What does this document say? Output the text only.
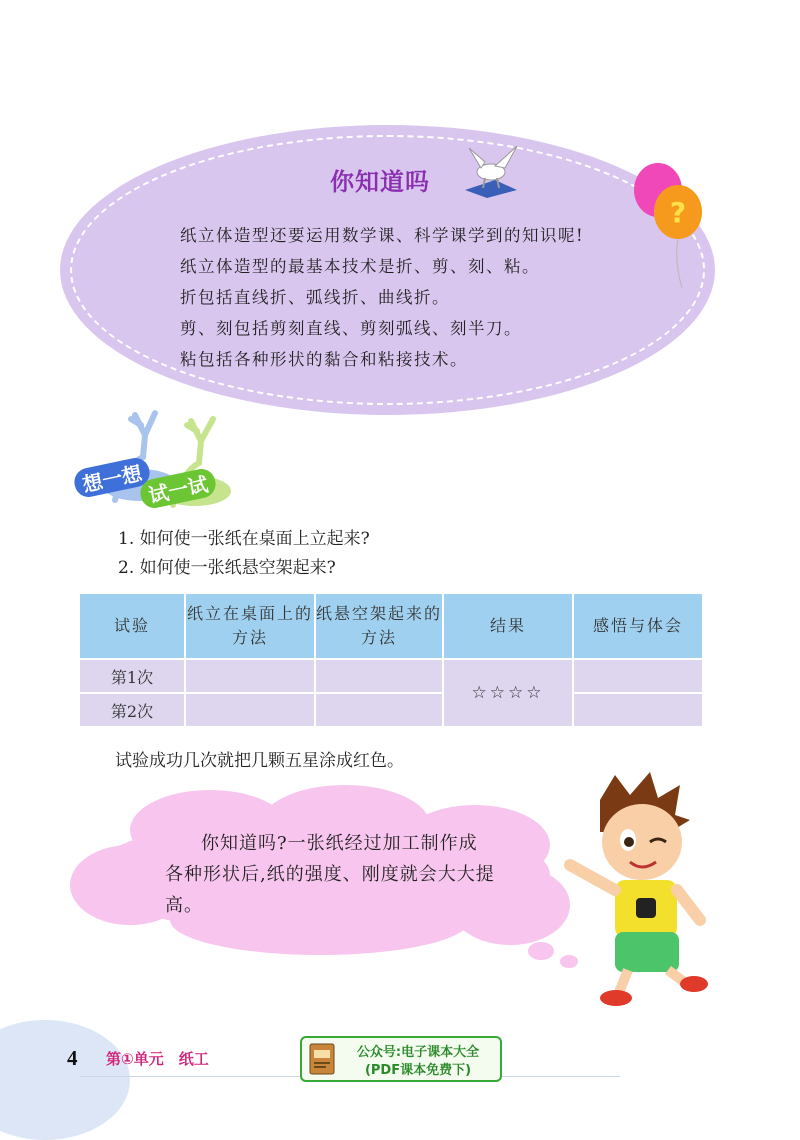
你知道吗
?
纸立体造型还要运用数学课、科学课学到的知识呢!
纸立体造型的最基本技术是折、剪、刻、粘。
折包括直线折、弧线折、曲线折。
剪、刻包括剪刻直线、剪刻弧线、刻半刀。
粘包括各种形状的黏合和粘接技术。
想一想 试一试
1. 如何使一张纸在桌面上立起来?
2. 如何使一张纸悬空架起来?
试验	纸立在桌面上的方法	纸悬空架起来的方法	结果	感悟与体会
第1次			☆☆☆☆	
第2次				
试验成功几次就把几颗五星涂成红色。
你知道吗?一张纸经过加工制作成各种形状后,纸的强度、刚度就会大大提高。
4 第①单元　纸工	公众号:电子课本大全
(PDF课本免费下)
